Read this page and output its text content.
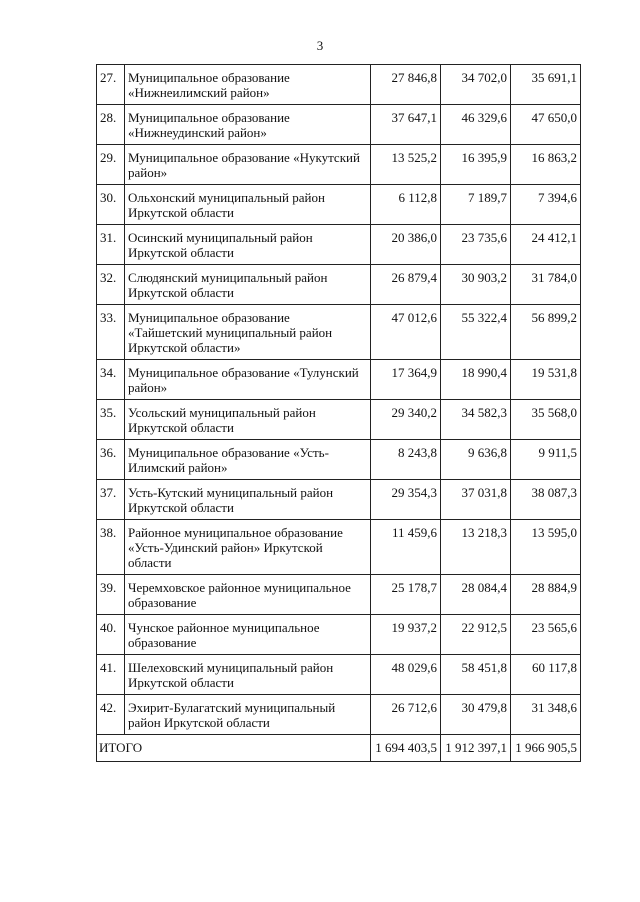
3
27.	Муниципальное образование «Нижнеилимский район»	27 846,8	34 702,0	35 691,1
28.	Муниципальное образование «Нижнеудинский район»	37 647,1	46 329,6	47 650,0
29.	Муниципальное образование «Нукутский район»	13 525,2	16 395,9	16 863,2
30.	Ольхонский муниципальный район Иркутской области	6 112,8	7 189,7	7 394,6
31.	Осинский муниципальный район Иркутской области	20 386,0	23 735,6	24 412,1
32.	Слюдянский муниципальный район Иркутской области	26 879,4	30 903,2	31 784,0
33.	Муниципальное образование «Тайшетский муниципальный район Иркутской области»	47 012,6	55 322,4	56 899,2
34.	Муниципальное образование «Тулунский район»	17 364,9	18 990,4	19 531,8
35.	Усольский муниципальный район Иркутской области	29 340,2	34 582,3	35 568,0
36.	Муниципальное образование «Усть-Илимский район»	8 243,8	9 636,8	9 911,5
37.	Усть-Кутский муниципальный район Иркутской области	29 354,3	37 031,8	38 087,3
38.	Районное муниципальное образование «Усть-Удинский район» Иркутской области	11 459,6	13 218,3	13 595,0
39.	Черемховское районное муниципальное образование	25 178,7	28 084,4	28 884,9
40.	Чунское районное муниципальное образование	19 937,2	22 912,5	23 565,6
41.	Шелеховский муниципальный район Иркутской области	48 029,6	58 451,8	60 117,8
42.	Эхирит-Булагатский муниципальный район Иркутской области	26 712,6	30 479,8	31 348,6
ИТОГО		1 694 403,5	1 912 397,1	1 966 905,5
